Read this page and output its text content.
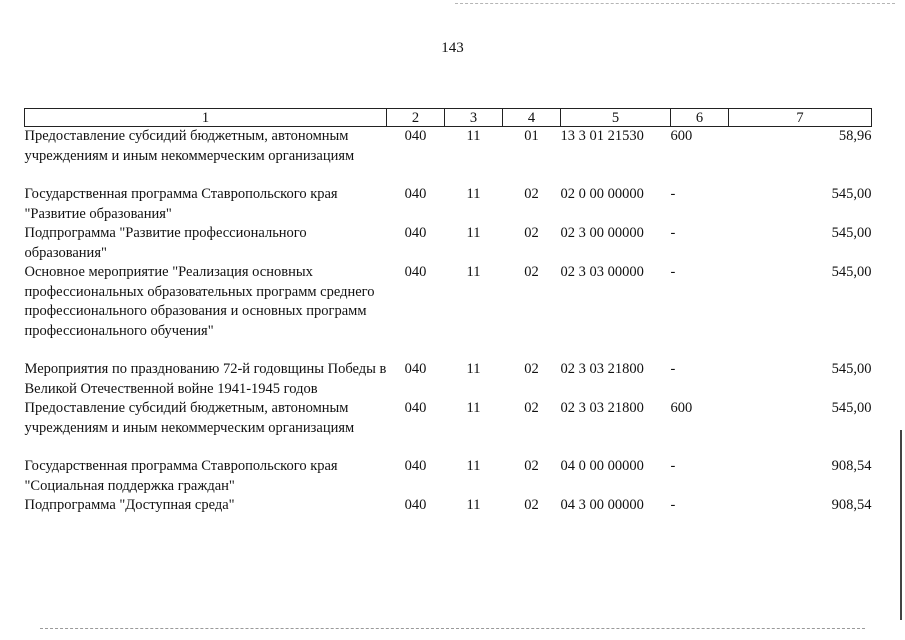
143
1	2	3	4	5	6	7
Предоставление субсидий бюджетным, автономным учреждениям и иным некоммерческим организациям	040	11	01	13 3 01 21530	600	58,96

Государственная программа Ставропольского края "Развитие образования"	040	11	02	02 0 00 00000	-	545,00
Подпрограмма "Развитие профессионального образования"	040	11	02	02 3 00 00000	-	545,00
Основное мероприятие "Реализация основных профессиональных образовательных программ среднего профессионального образования и основных программ профессионального обучения"	040	11	02	02 3 03 00000	-	545,00

Мероприятия по празднованию 72-й годовщины Победы в Великой Отечественной войне 1941-1945 годов	040	11	02	02 3 03 21800	-	545,00
Предоставление субсидий бюджетным, автономным учреждениям и иным некоммерческим организациям	040	11	02	02 3 03 21800	600	545,00

Государственная программа Ставропольского края "Социальная поддержка граждан"	040	11	02	04 0 00 00000	-	908,54
Подпрограмма "Доступная среда"	040	11	02	04 3 00 00000	-	908,54
